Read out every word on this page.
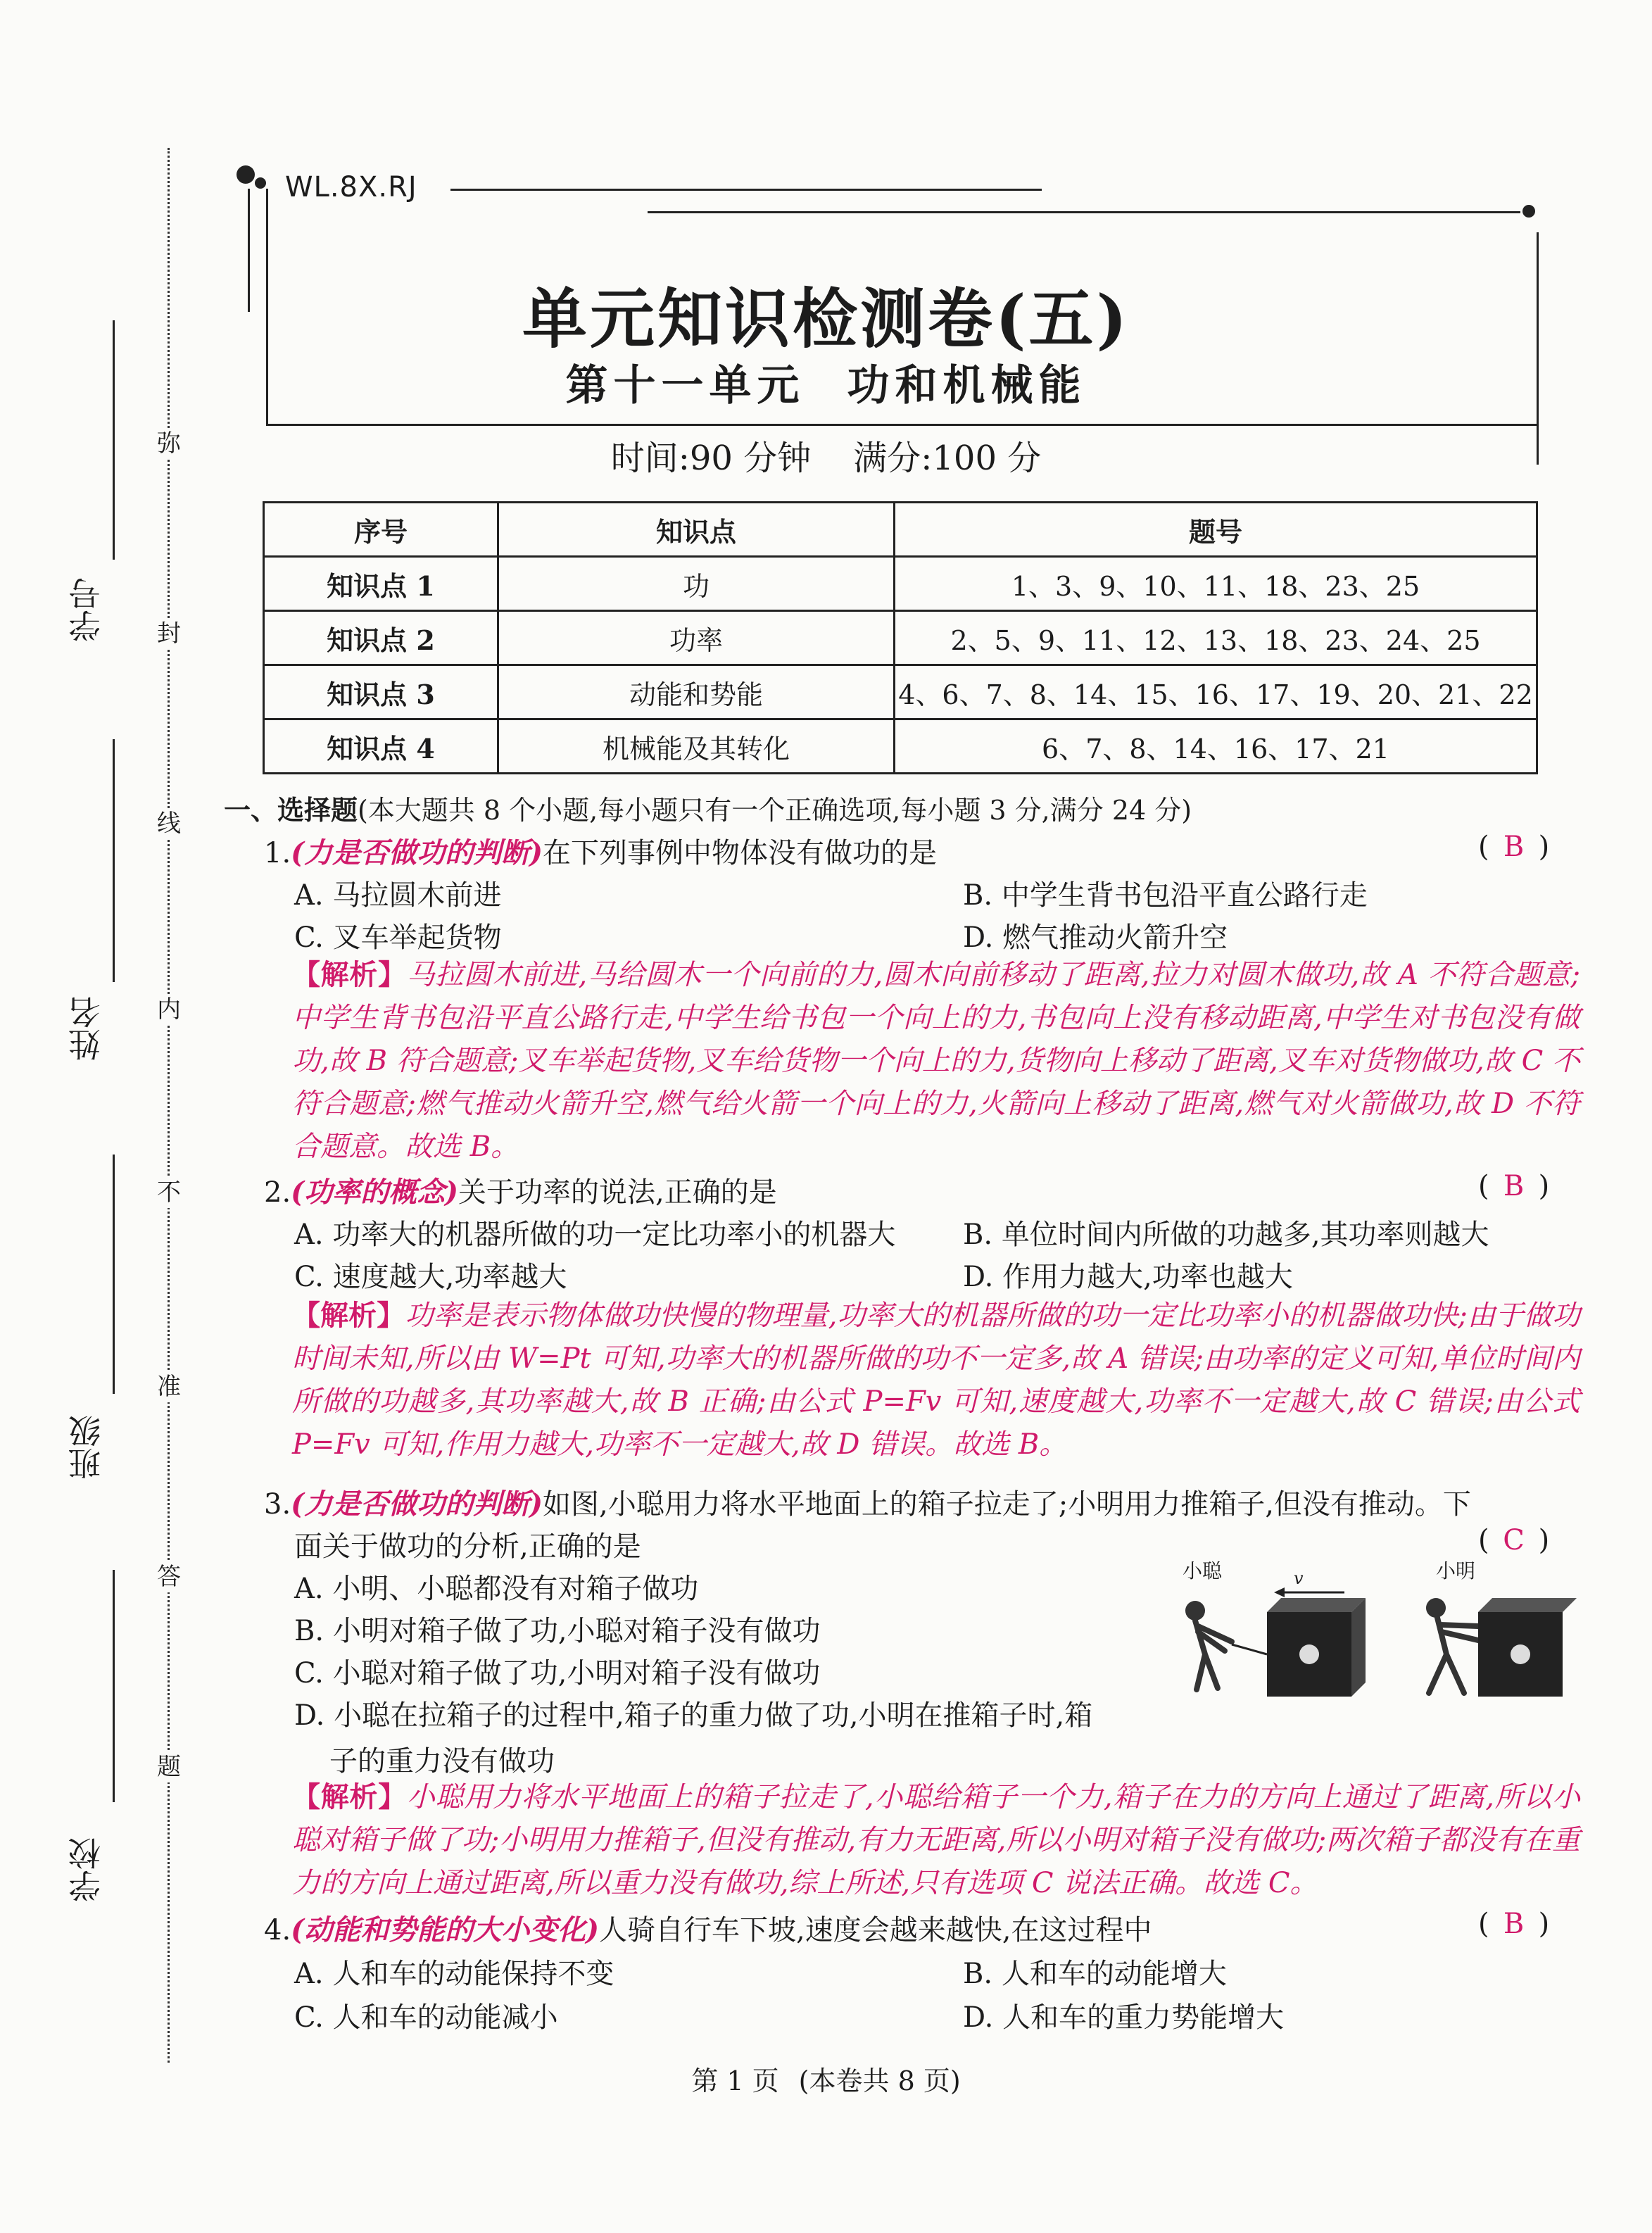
弥
封
线
内
不
准
答
题
学号
姓名
班级
学校
WL.8X.RJ
单元知识检测卷(五)
第十一单元 功和机械能
时间:90 分钟 满分:100 分
序号	知识点	题号
知识点 1	功	1、3、9、10、11、18、23、25
知识点 2	功率	2、5、9、11、12、13、18、23、24、25
知识点 3	动能和势能	4、6、7、8、14、15、16、17、19、20、21、22
知识点 4	机械能及其转化	6、7、8、14、16、17、21
一、选择题(本大题共 8 个小题,每小题只有一个正确选项,每小题 3 分,满分 24 分)
1.(力是否做功的判断)在下列事例中物体没有做功的是	( B )
A. 马拉圆木前进	B. 中学生背书包沿平直公路行走
C. 叉车举起货物	D. 燃气推动火箭升空
【解析】马拉圆木前进,马给圆木一个向前的力,圆木向前移动了距离,拉力对圆木做功,故 A 不符合题意;中学生背书包沿平直公路行走,中学生给书包一个向上的力,书包向上没有移动距离,中学生对书包没有做功,故 B 符合题意;叉车举起货物,叉车给货物一个向上的力,货物向上移动了距离,叉车对货物做功,故 C 不符合题意;燃气推动火箭升空,燃气给火箭一个向上的力,火箭向上移动了距离,燃气对火箭做功,故 D 不符合题意。故选 B。
2.(功率的概念)关于功率的说法,正确的是	( B )
A. 功率大的机器所做的功一定比功率小的机器大 B. 单位时间内所做的功越多,其功率则越大
C. 速度越大,功率越大	D. 作用力越大,功率也越大
【解析】功率是表示物体做功快慢的物理量,功率大的机器所做的功一定比功率小的机器做功快;由于做功时间未知,所以由 W=Pt 可知,功率大的机器所做的功不一定多,故 A 错误;由功率的定义可知,单位时间内所做的功越多,其功率越大,故 B 正确;由公式 P=Fv 可知,速度越大,功率不一定越大,故 C 错误;由公式 P=Fv 可知,作用力越大,功率不一定越大,故 D 错误。故选 B。
3.(力是否做功的判断)如图,小聪用力将水平地面上的箱子拉走了;小明用力推箱子,但没有推动。下
面关于做功的分析,正确的是	( C )
A. 小明、小聪都没有对箱子做功
B. 小明对箱子做了功,小聪对箱子没有做功
C. 小聪对箱子做了功,小明对箱子没有做功
D. 小聪在拉箱子的过程中,箱子的重力做了功,小明在推箱子时,箱
子的重力没有做功
小聪	v	小明
【解析】小聪用力将水平地面上的箱子拉走了,小聪给箱子一个力,箱子在力的方向上通过了距离,所以小聪对箱子做了功;小明用力推箱子,但没有推动,有力无距离,所以小明对箱子没有做功;两次箱子都没有在重力的方向上通过距离,所以重力没有做功,综上所述,只有选项 C 说法正确。故选 C。
4.(动能和势能的大小变化)人骑自行车下坡,速度会越来越快,在这过程中	( B )
A. 人和车的动能保持不变	B. 人和车的动能增大
C. 人和车的动能减小	D. 人和车的重力势能增大
第 1 页 (本卷共 8 页)
